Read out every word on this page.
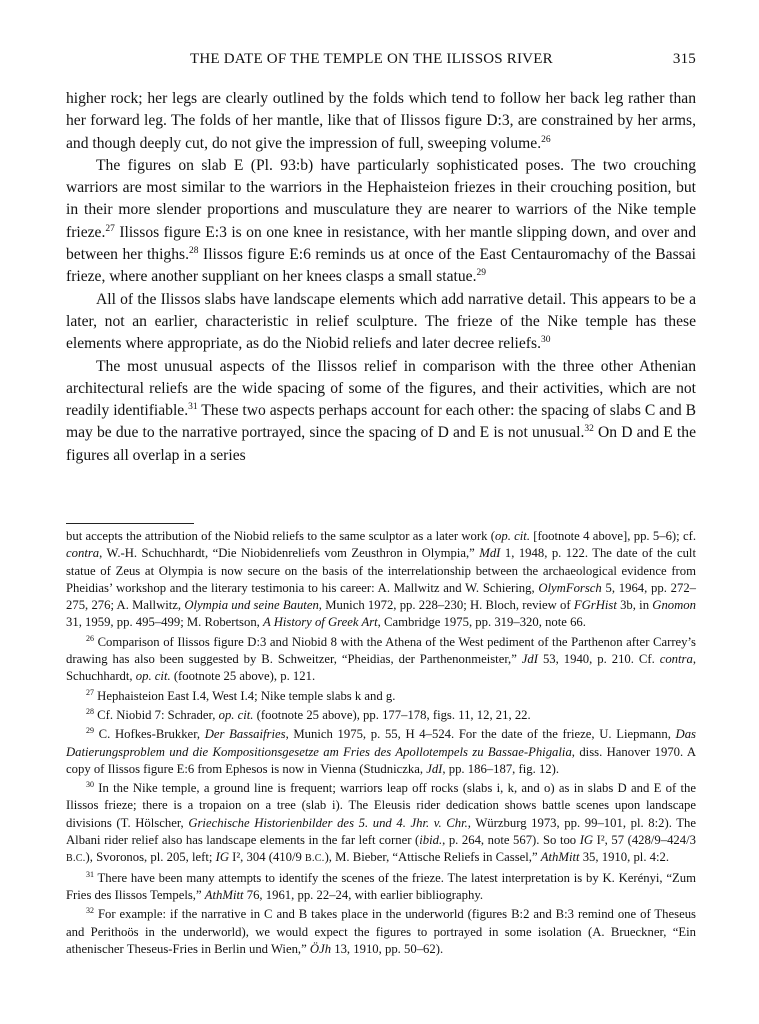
THE DATE OF THE TEMPLE ON THE ILISSOS RIVER	315

higher rock; her legs are clearly outlined by the folds which tend to follow her back leg rather than her forward leg. The folds of her mantle, like that of Ilissos figure D:3, are constrained by her arms, and though deeply cut, do not give the impression of full, sweeping volume.$^{26}$

The figures on slab E (Pl. 93:b) have particularly sophisticated poses. The two crouching warriors are most similar to the warriors in the Hephaisteion friezes in their crouching position, but in their more slender proportions and musculature they are nearer to warriors of the Nike temple frieze.$^{27}$ Ilissos figure E:3 is on one knee in resistance, with her mantle slipping down, and over and between her thighs.$^{28}$ Ilissos figure E:6 reminds us at once of the East Centauromachy of the Bassai frieze, where another suppliant on her knees clasps a small statue.$^{29}$

All of the Ilissos slabs have landscape elements which add narrative detail. This appears to be a later, not an earlier, characteristic in relief sculpture. The frieze of the Nike temple has these elements where appropriate, as do the Niobid reliefs and later decree reliefs.$^{30}$

The most unusual aspects of the Ilissos relief in comparison with the three other Athenian architectural reliefs are the wide spacing of some of the figures, and their activities, which are not readily identifiable.$^{31}$ These two aspects perhaps account for each other: the spacing of slabs C and B may be due to the narrative portrayed, since the spacing of D and E is not unusual.$^{32}$ On D and E the figures all overlap in a series

but accepts the attribution of the Niobid reliefs to the same sculptor as a later work (op. cit. [footnote 4 above], pp. 5–6); cf. contra, W.-H. Schuchhardt, “Die Niobidenreliefs vom Zeusthron in Olympia,” MdI 1, 1948, p. 122. The date of the cult statue of Zeus at Olympia is now secure on the basis of the interrelationship between the archaeological evidence from Pheidias’ workshop and the literary testimonia to his career: A. Mallwitz and W. Schiering, OlymForsch 5, 1964, pp. 272–275, 276; A. Mallwitz, Olympia und seine Bauten, Munich 1972, pp. 228–230; H. Bloch, review of FGrHist 3b, in Gnomon 31, 1959, pp. 495–499; M. Robertson, A History of Greek Art, Cambridge 1975, pp. 319–320, note 66.

$^{26}$ Comparison of Ilissos figure D:3 and Niobid 8 with the Athena of the West pediment of the Parthenon after Carrey’s drawing has also been suggested by B. Schweitzer, “Pheidias, der Parthenonmeister,” JdI 53, 1940, p. 210. Cf. contra, Schuchhardt, op. cit. (footnote 25 above), p. 121.

$^{27}$ Hephaisteion East I.4, West I.4; Nike temple slabs k and g.

$^{28}$ Cf. Niobid 7: Schrader, op. cit. (footnote 25 above), pp. 177–178, figs. 11, 12, 21, 22.

$^{29}$ C. Hofkes-Brukker, Der Bassaifries, Munich 1975, p. 55, H 4–524. For the date of the frieze, U. Liepmann, Das Datierungsproblem und die Kompositionsgesetze am Fries des Apollotempels zu Bassae-Phigalia, diss. Hanover 1970. A copy of Ilissos figure E:6 from Ephesos is now in Vienna (Studniczka, JdI, pp. 186–187, fig. 12).

$^{30}$ In the Nike temple, a ground line is frequent; warriors leap off rocks (slabs i, k, and o) as in slabs D and E of the Ilissos frieze; there is a tropaion on a tree (slab i). The Eleusis rider dedication shows battle scenes upon landscape divisions (T. Hölscher, Griechische Historienbilder des 5. und 4. Jhr. v. Chr., Würzburg 1973, pp. 99–101, pl. 8:2). The Albani rider relief also has landscape elements in the far left corner (ibid., p. 264, note 567). So too IG I², 57 (428/9–424/3 B.C.), Svoronos, pl. 205, left; IG I², 304 (410/9 B.C.), M. Bieber, “Attische Reliefs in Cassel,” AthMitt 35, 1910, pl. 4:2.

$^{31}$ There have been many attempts to identify the scenes of the frieze. The latest interpretation is by K. Kerényi, “Zum Fries des Ilissos Tempels,” AthMitt 76, 1961, pp. 22–24, with earlier bibliography.

$^{32}$ For example: if the narrative in C and B takes place in the underworld (figures B:2 and B:3 remind one of Theseus and Perithoös in the underworld), we would expect the figures to portrayed in some isolation (A. Brueckner, “Ein athenischer Theseus-Fries in Berlin und Wien,” ÖJh 13, 1910, pp. 50–62).
